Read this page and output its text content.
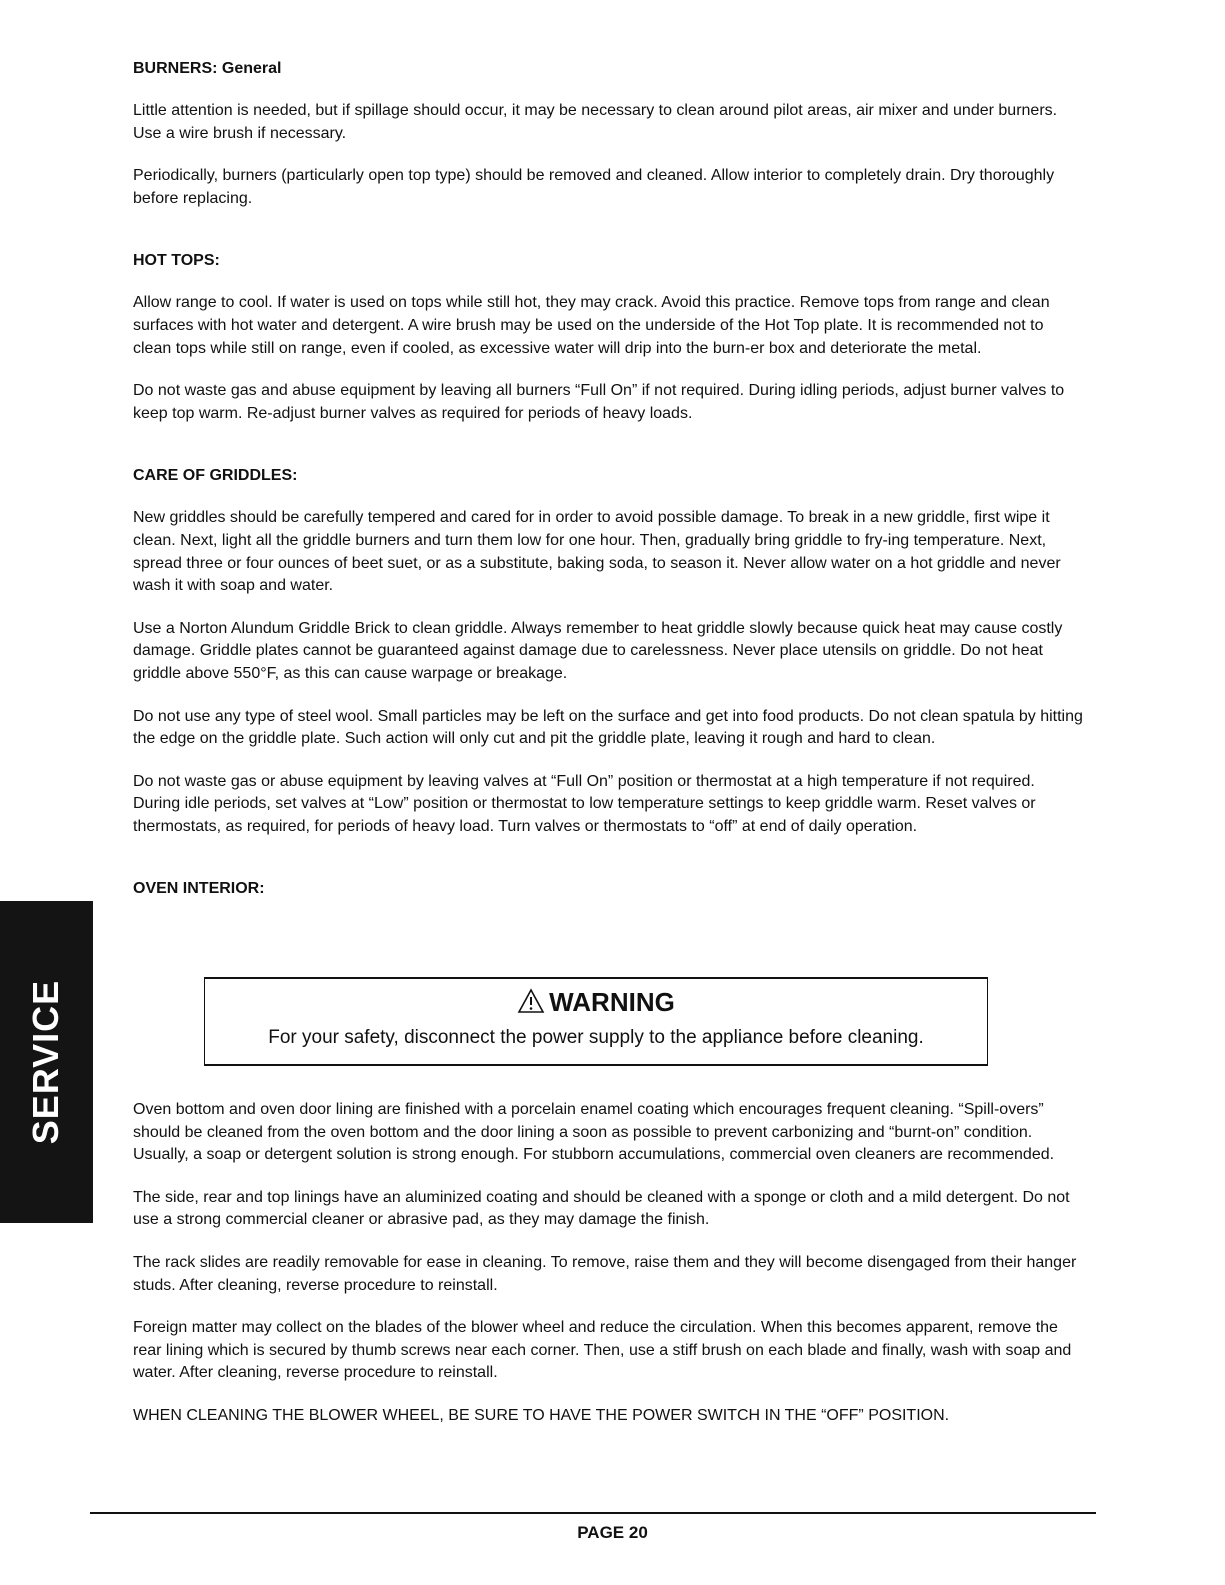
BURNERS: General

Little attention is needed, but if spillage should occur, it may be necessary to clean around pilot areas, air mixer and under burners. Use a wire brush if necessary.

Periodically, burners (particularly open top type) should be removed and cleaned. Allow interior to completely drain. Dry thoroughly before replacing.

HOT TOPS:

Allow range to cool. If water is used on tops while still hot, they may crack. Avoid this practice. Remove tops from range and clean surfaces with hot water and detergent. A wire brush may be used on the underside of the Hot Top plate. It is recommended not to clean tops while still on range, even if cooled, as excessive water will drip into the burn-er box and deteriorate the metal.

Do not waste gas and abuse equipment by leaving all burners “Full On” if not required. During idling periods, adjust burner valves to keep top warm. Re-adjust burner valves as required for periods of heavy loads.

CARE OF GRIDDLES:

New griddles should be carefully tempered and cared for in order to avoid possible damage. To break in a new griddle, first wipe it clean. Next, light all the griddle burners and turn them low for one hour. Then, gradually bring griddle to fry-ing temperature. Next, spread three or four ounces of beet suet, or as a substitute, baking soda, to season it. Never allow water on a hot griddle and never wash it with soap and water.

Use a Norton Alundum Griddle Brick to clean griddle. Always remember to heat griddle slowly because quick heat may cause costly damage. Griddle plates cannot be guaranteed against damage due to carelessness. Never place utensils on griddle. Do not heat griddle above 550°F, as this can cause warpage or breakage.

Do not use any type of steel wool. Small particles may be left on the surface and get into food products. Do not clean spatula by hitting the edge on the griddle plate. Such action will only cut and pit the griddle plate, leaving it rough and hard to clean.

Do not waste gas or abuse equipment by leaving valves at “Full On” position or thermostat at a high temperature if not required. During idle periods, set valves at “Low” position or thermostat to low temperature settings to keep griddle warm. Reset valves or thermostats, as required, for periods of heavy load. Turn valves or thermostats to “off” at end of daily operation.

OVEN INTERIOR:

WARNING
For your safety, disconnect the power supply to the appliance before cleaning.

Oven bottom and oven door lining are finished with a porcelain enamel coating which encourages frequent cleaning. “Spill-overs” should be cleaned from the oven bottom and the door lining a soon as possible to prevent carbonizing and “burnt-on” condition. Usually, a soap or detergent solution is strong enough. For stubborn accumulations, commercial oven cleaners are recommended.

The side, rear and top linings have an aluminized coating and should be cleaned with a sponge or cloth and a mild detergent. Do not use a strong commercial cleaner or abrasive pad, as they may damage the finish.

The rack slides are readily removable for ease in cleaning. To remove, raise them and they will become disengaged from their hanger studs. After cleaning, reverse procedure to reinstall.

Foreign matter may collect on the blades of the blower wheel and reduce the circulation. When this becomes apparent, remove the rear lining which is secured by thumb screws near each corner. Then, use a stiff brush on each blade and finally, wash with soap and water. After cleaning, reverse procedure to reinstall.

WHEN CLEANING THE BLOWER WHEEL, BE SURE TO HAVE THE POWER SWITCH IN THE “OFF” POSITION.

SERVICE
PAGE 20
